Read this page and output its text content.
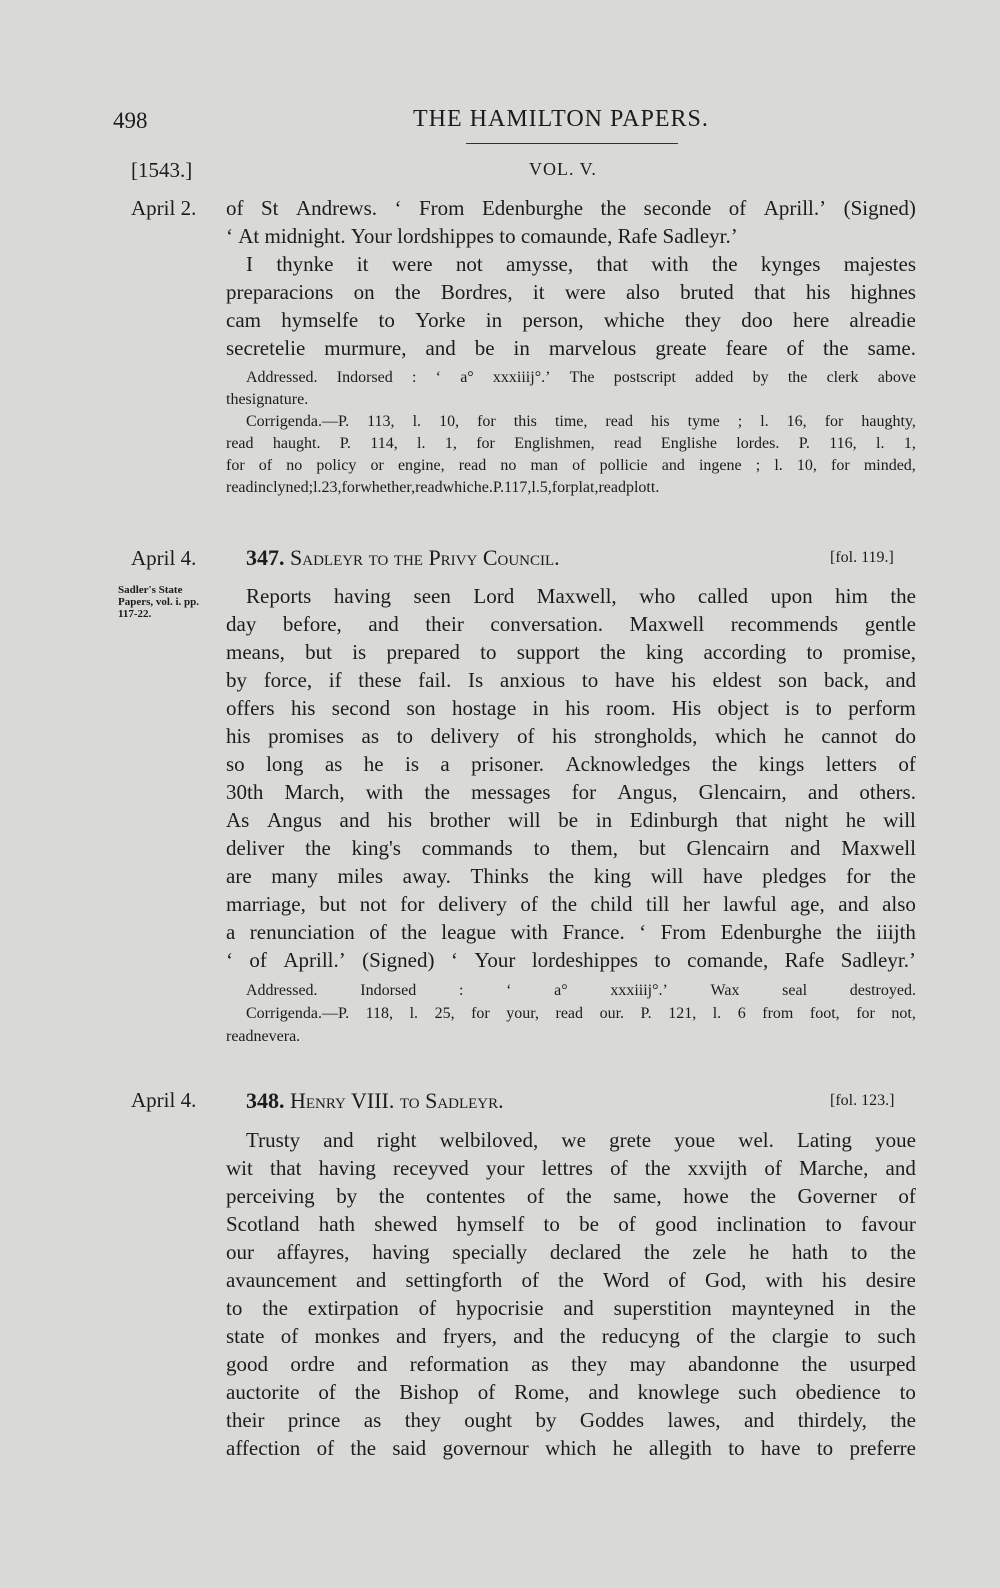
498	THE HAMILTON PAPERS.
[1543.]	VOL. V.
April 2. of St Andrews. ‘ From Edenburghe the seconde of Aprill.’ (Signed)
‘ At midnight. Your lordshippes to comaunde, Rafe Sadleyr.’
I thynke it were not amysse, that with the kynges majestes
preparacions on the Bordres, it were also bruted that his highnes
cam hymselfe to Yorke in person, whiche they doo here alreadie
secretelie murmure, and be in marvelous greate feare of the same.
Addressed. Indorsed : ‘ a° xxxiiij°.’ The postscript added by the clerk above
the signature.
Corrigenda.—P. 113, l. 10, for this time, read his tyme ; l. 16, for haughty,
read haught. P. 114, l. 1, for Englishmen, read Englishe lordes. P. 116, l. 1,
for of no policy or engine, read no man of pollicie and ingene ; l. 10, for minded,
read inclyned ; l. 23, for whether, read whiche. P. 117, l. 5, for plat, read plott.
April 4. 347. Sadleyr to the Privy Council.	[fol. 119.]
Sadler's State Papers, vol. i. pp. 117-22.
Reports having seen Lord Maxwell, who called upon him the
day before, and their conversation. Maxwell recommends gentle
means, but is prepared to support the king according to promise,
by force, if these fail. Is anxious to have his eldest son back, and
offers his second son hostage in his room. His object is to perform
his promises as to delivery of his strongholds, which he cannot do
so long as he is a prisoner. Acknowledges the kings letters of
30th March, with the messages for Angus, Glencairn, and others.
As Angus and his brother will be in Edinburgh that night he will
deliver the king's commands to them, but Glencairn and Maxwell
are many miles away. Thinks the king will have pledges for the
marriage, but not for delivery of the child till her lawful age, and also
a renunciation of the league with France. ‘ From Edenburghe the iiijth
‘ of Aprill.’ (Signed) ‘ Your lordeshippes to comande, Rafe Sadleyr.’
Addressed.	Indorsed	:	‘	a°	xxxiiij°.’	Wax	seal	destroyed.
Corrigenda.—P. 118, l. 25, for your, read our. P. 121, l. 6 from foot, for not,
read never a.
April 4. 348. Henry VIII. to Sadleyr.	[fol. 123.]
Trusty and right welbiloved, we grete youe wel. Lating youe
wit that having receyved your lettres of the xxvijth of Marche, and
perceiving by the contentes of the same, howe the Governer of
Scotland hath shewed hymself to be of good inclination to favour
our affayres, having specially declared the zele he hath to the
avauncement and settingforth of the Word of God, with his desire
to the extirpation of hypocrisie and superstition maynteyned in the
state of monkes and fryers, and the reducyng of the clargie to such
good ordre and reformation as they may abandonne the usurped
auctorite of the Bishop of Rome, and knowlege such obedience to
their prince as they ought by Goddes lawes, and thirdely, the
affection of the said governour which he allegith to have to preferre
